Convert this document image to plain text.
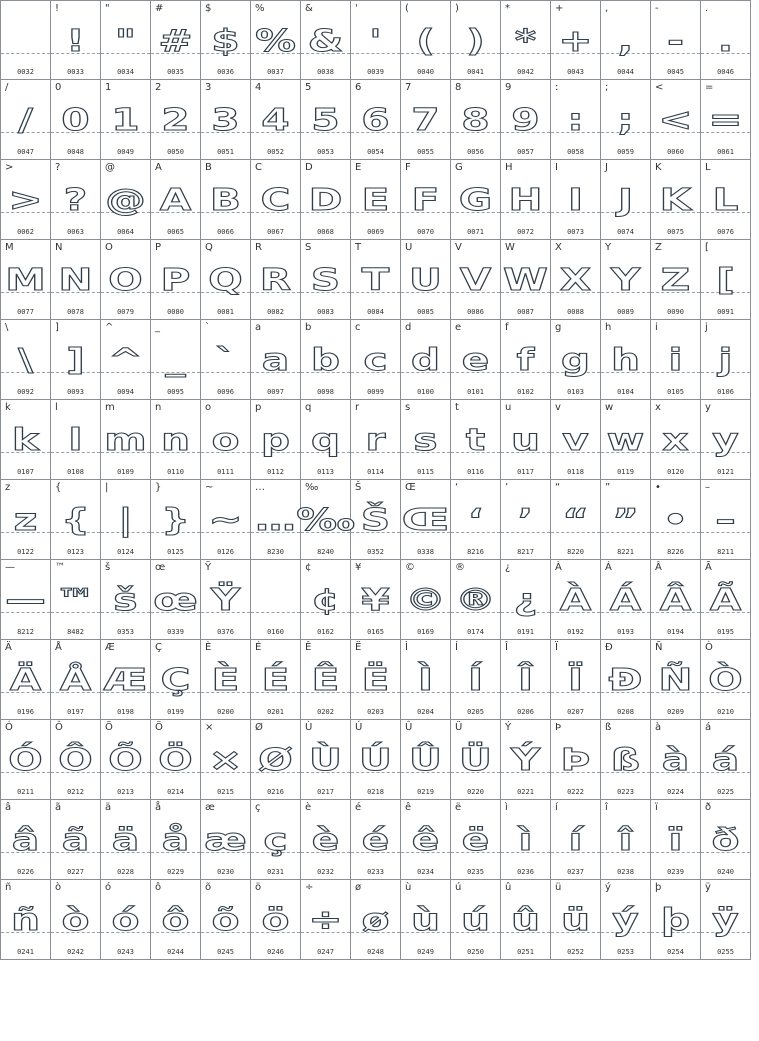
0032
!
!
0033
"
"
0034
#
#
0035
$
$
0036
%
%
0037
&
&
0038
'
'
0039
(
(
0040
)
)
0041
*
*
0042
+
+
0043
,
,
0044
-
-
0045
.
.
0046
/
/
0047
0
0
0048
1
1
0049
2
2
0050
3
3
0051
4
4
0052
5
5
0053
6
6
0054
7
7
0055
8
8
0056
9
9
0057
:
:
0058
;
;
0059
<
<
0060
=
=
0061
>
>
0062
?
?
0063
@
@
0064
A
A
0065
B
B
0066
C
C
0067
D
D
0068
E
E
0069
F
F
0070
G
G
0071
H
H
0072
I
I
0073
J
J
0074
K
K
0075
L
L
0076
M
M
0077
N
N
0078
O
O
0079
P
P
0080
Q
Q
0081
R
R
0082
S
S
0083
T
T
0084
U
U
0085
V
V
0086
W
W
0087
X
X
0088
Y
Y
0089
Z
Z
0090
[
[
0091
\
\
0092
]
]
0093
^
^
0094
_
_
0095
`
`
0096
a
a
0097
b
b
0098
c
c
0099
d
d
0100
e
e
0101
f
f
0102
g
g
0103
h
h
0104
i
i
0105
j
j
0106
k
k
0107
l
l
0108
m
m
0109
n
n
0110
o
o
0111
p
p
0112
q
q
0113
r
r
0114
s
s
0115
t
t
0116
u
u
0117
v
v
0118
w
w
0119
x
x
0120
y
y
0121
z
z
0122
{
{
0123
|
|
0124
}
}
0125
~
~
0126
…
…
8230
‰
‰
8240
Š
Š
0352
Œ
Œ
0338
‘
‘
8216
’
’
8217
“
“
8220
”
”
8221
•
•
8226
–
–
8211
—
—
8212
™
™
8482
š
š
0353
œ
œ
0339
Ÿ
Ÿ
0376	0160
¢
¢
0162
¥
¥
0165
©
©
0169
®
®
0174
¿
¿
0191
À
À
0192
Á
Á
0193
Â
Â
0194
Ã
Ã
0195
Ä
Ä
0196
Å
Å
0197
Æ
Æ
0198
Ç
Ç
0199
È
È
0200
É
É
0201
Ê
Ê
0202
Ë
Ë
0203
Ì
Ì
0204
Í
Í
0205
Î
Î
0206
Ï
Ï
0207
Đ
Đ
0208
Ñ
Ñ
0209
Ò
Ò
0210
Ó
Ó
0211
Ô
Ô
0212
Õ
Õ
0213
Ö
Ö
0214
×
×
0215
Ø
Ø
0216
Ù
Ù
0217
Ú
Ú
0218
Û
Û
0219
Ü
Ü
0220
Ý
Ý
0221
Þ
Þ
0222
ß
ß
0223
à
à
0224
á
á
0225
â
â
0226
ã
ã
0227
ä
ä
0228
å
å
0229
æ
æ
0230
ç
ç
0231
è
è
0232
é
é
0233
ê
ê
0234
ë
ë
0235
ì
ì
0236
í
í
0237
î
î
0238
ï
ï
0239
ð
ð
0240
ñ
ñ
0241
ò
ò
0242
ó
ó
0243
ô
ô
0244
õ
õ
0245
ö
ö
0246
÷
÷
0247
ø
ø
0248
ù
ù
0249
ú
ú
0250
û
û
0251
ü
ü
0252
ý
ý
0253
þ
þ
0254
ÿ
ÿ
0255
